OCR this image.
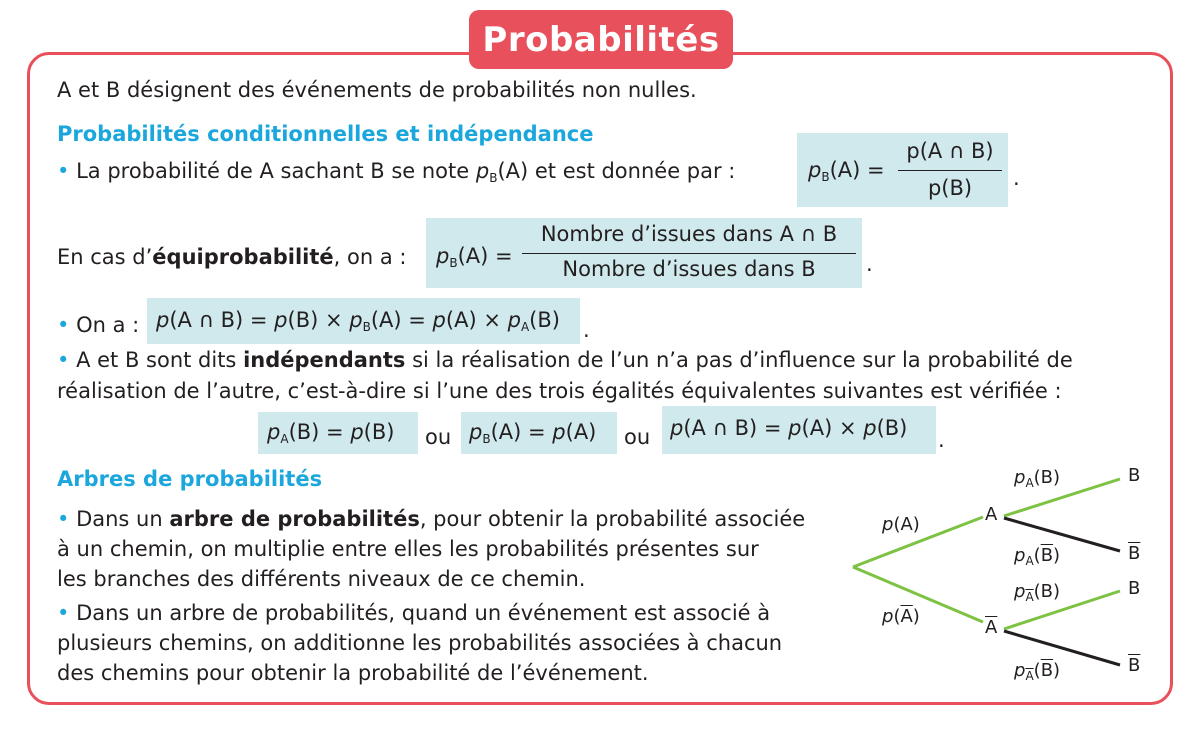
Probabilités
A et B désignent des événements de probabilités non nulles.
Probabilités conditionnelles et indépendance
• La probabilité de A sachant B se note $p_B(A)$ et est donnée par :	$p_B(A)$ =
p(A ∩ B)
p(B)	.
En cas d’équiprobabilité, on a : $p_B(A)$ =
Nombre d’issues dans A ∩ B
Nombre d’issues dans B	.
• On a : p(A ∩ $B) = p(B) \times p_B(A) = p(A) \times p_A(B)$ .
• A et B sont dits indépendants si la réalisation de l’un n’a pas d’influence sur la probabilité de
réalisation de l’autre, c’est-à-dire si l’une des trois égalités équivalentes suivantes est vérifiée :
$p_A(B) = p(B)$ ou $p_B(A) = p(A)$ ou p(A ∩ B) = p(A) × p(B) .
Arbres de probabilités
• Dans un arbre de probabilités, pour obtenir la probabilité associée
à un chemin, on multiplie entre elles les probabilités présentes sur
les branches des différents niveaux de ce chemin.
• Dans un arbre de probabilités, quand un événement est associé à
plusieurs chemins, on additionne les probabilités associées à chacun
des chemins pour obtenir la probabilité de l’événement.
A
$\overline{A}$
B
$\overline{B}$
B
$\overline{B}$
p(A)
$p(\overline{A})$
$p_A(B)$
$p_A(\overline{B})$
$p_{\overline{A}}(B)$
$p_{\overline{A}}(\overline{B})$
